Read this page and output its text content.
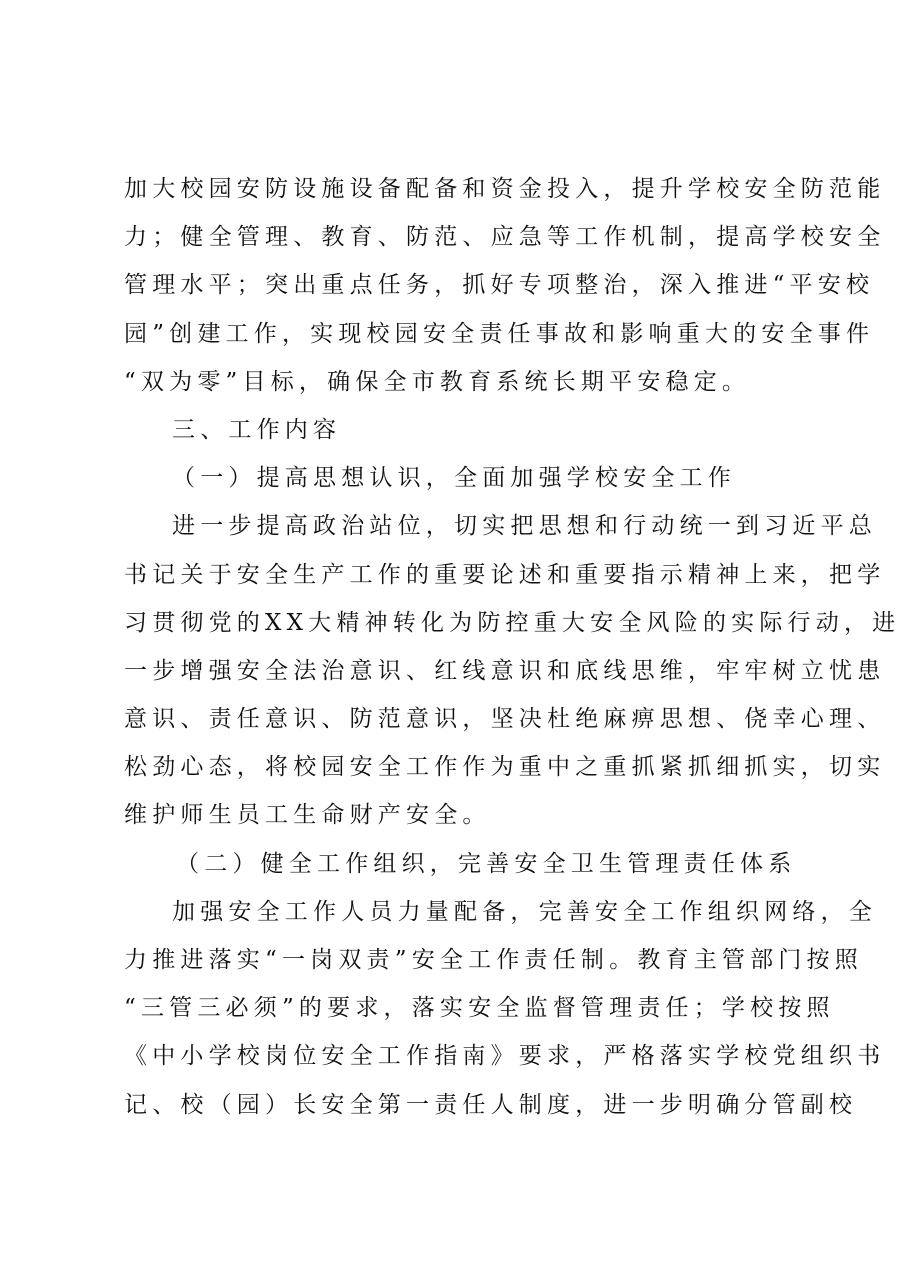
加大校园安防设施设备配备和资金投入，提升学校安全防范能
力；健全管理、教育、防范、应急等工作机制，提高学校安全
管理水平；突出重点任务，抓好专项整治，深入推进“平安校
园”创建工作，实现校园安全责任事故和影响重大的安全事件
“双为零”目标，确保全市教育系统长期平安稳定。
三、工作内容
（一）提高思想认识，全面加强学校安全工作
进一步提高政治站位，切实把思想和行动统一到习近平总
书记关于安全生产工作的重要论述和重要指示精神上来，把学
习贯彻党的XX大精神转化为防控重大安全风险的实际行动，进
一步增强安全法治意识、红线意识和底线思维，牢牢树立忧患
意识、责任意识、防范意识，坚决杜绝麻痹思想、侥幸心理、
松劲心态，将校园安全工作作为重中之重抓紧抓细抓实，切实
维护师生员工生命财产安全。
（二）健全工作组织，完善安全卫生管理责任体系
加强安全工作人员力量配备，完善安全工作组织网络，全
力推进落实“一岗双责”安全工作责任制。教育主管部门按照
“三管三必须”的要求，落实安全监督管理责任；学校按照
《中小学校岗位安全工作指南》要求，严格落实学校党组织书
记、校（园）长安全第一责任人制度，进一步明确分管副校
